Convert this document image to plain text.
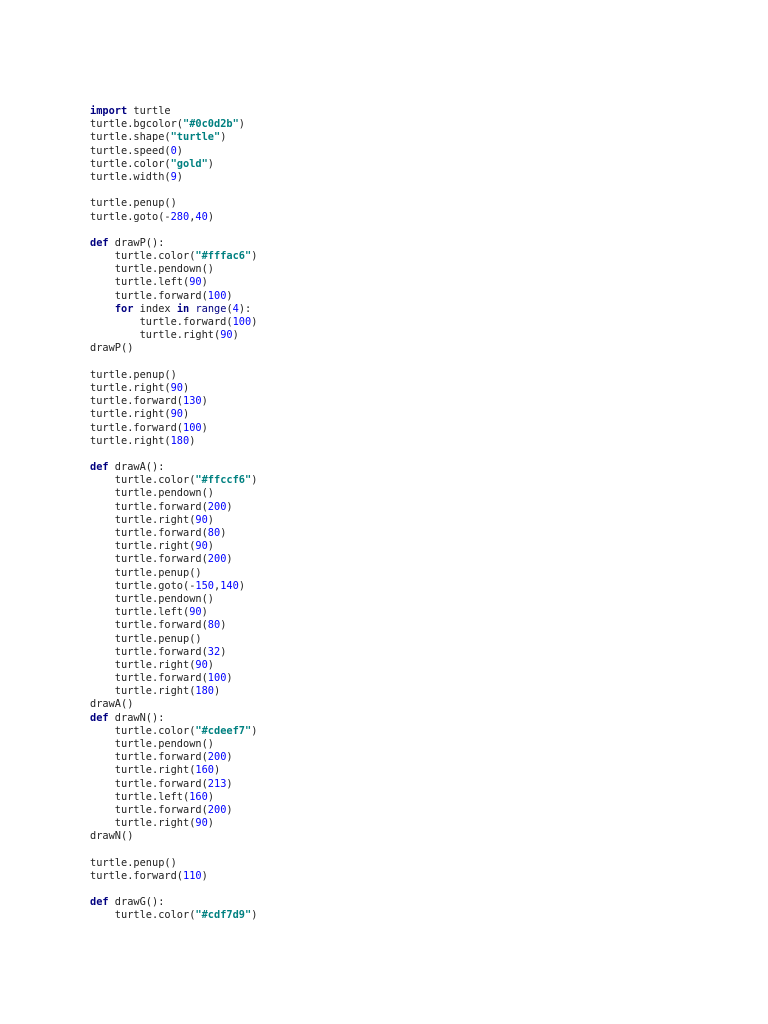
import turtle
turtle.bgcolor("#0c0d2b")
turtle.shape("turtle")
turtle.speed(0)
turtle.color("gold")
turtle.width(9)
turtle.penup()
turtle.goto(-280,40)
def drawP():
turtle.color("#fffac6")
turtle.pendown()
turtle.left(90)
turtle.forward(100)
for index in range(4):
turtle.forward(100)
turtle.right(90)
drawP()
turtle.penup()
turtle.right(90)
turtle.forward(130)
turtle.right(90)
turtle.forward(100)
turtle.right(180)
def drawA():
turtle.color("#ffccf6")
turtle.pendown()
turtle.forward(200)
turtle.right(90)
turtle.forward(80)
turtle.right(90)
turtle.forward(200)
turtle.penup()
turtle.goto(-150,140)
turtle.pendown()
turtle.left(90)
turtle.forward(80)
turtle.penup()
turtle.forward(32)
turtle.right(90)
turtle.forward(100)
turtle.right(180)
drawA()
def drawN():
turtle.color("#cdeef7")
turtle.pendown()
turtle.forward(200)
turtle.right(160)
turtle.forward(213)
turtle.left(160)
turtle.forward(200)
turtle.right(90)
drawN()
turtle.penup()
turtle.forward(110)
def drawG():
turtle.color("#cdf7d9")
